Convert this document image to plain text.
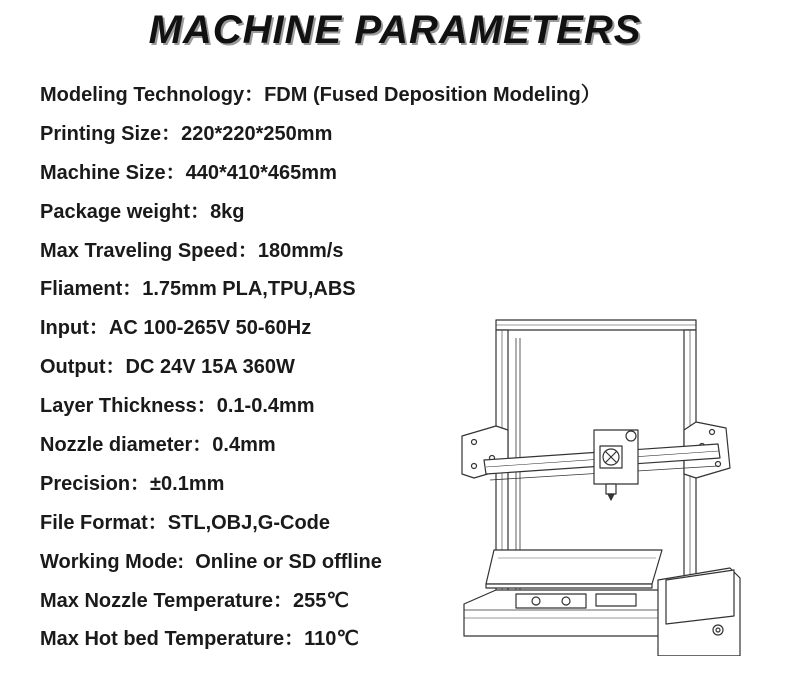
MACHINE PARAMETERS
Modeling Technology：FDM (Fused Deposition Modeling）
Printing Size：220*220*250mm
Machine Size：440*410*465mm
Package weight：8kg
Max Traveling Speed：180mm/s
Fliament：1.75mm PLA,TPU,ABS
Input：AC 100-265V 50-60Hz
Output：DC 24V 15A 360W
Layer Thickness：0.1-0.4mm
Nozzle diameter：0.4mm
Precision：±0.1mm
File Format：STL,OBJ,G-Code
Working Mode:  Online or SD offline
Max Nozzle Temperature：255℃
Max Hot bed Temperature：110℃
